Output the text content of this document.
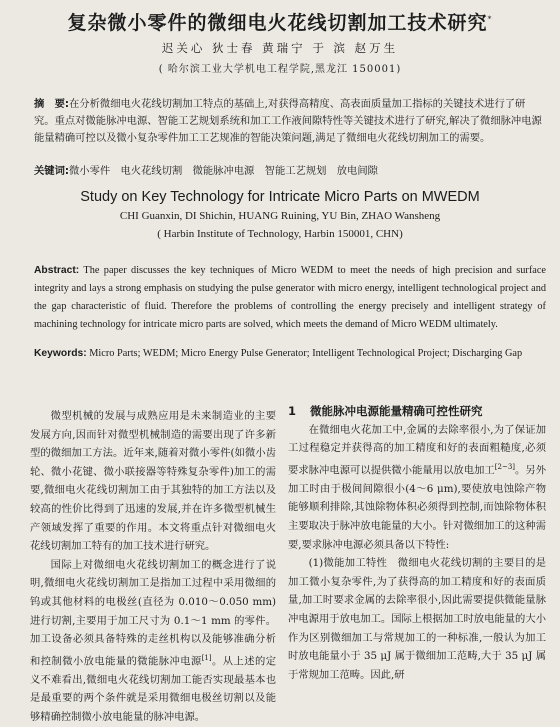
复杂微小零件的微细电火花线切割加工技术研究*
迟关心 狄士春 黄瑞宁 于 滨 赵万生
( 哈尔滨工业大学机电工程学院,黑龙江 150001)
摘　要:在分析微细电火花线切割加工特点的基础上,对获得高精度、高表面质量加工指标的关键技术进行了研究。重点对微能脉冲电源、智能工艺规划系统和加工工作液间隙特性等关键技术进行了研究,解决了微细脉冲电源能量精确可控以及微小复杂零件加工工艺规准的智能决策问题,满足了微细电火花线切割加工的需要。
关键词:微小零件　电火花线切割　微能脉冲电源　智能工艺规划　放电间隙
Study on Key Technology for Intricate Micro Parts on MWEDM
CHI Guanxin, DI Shichin, HUANG Ruining, YU Bin, ZHAO Wansheng
( Harbin Institute of Technology, Harbin 150001, CHN)
Abstract: The paper discusses the key techniques of Micro WEDM to meet the needs of high precision and surface integrity and lays a strong emphasis on studying the pulse generator with micro energy, intelligent technological project and the gap characteristic of fluid. Therefore the problems of controlling the energy precisely and intelligent strategy of machining technology for intricate micro parts are solved, which meets the demand of Micro WEDM ultimately.
Keywords: Micro Parts; WEDM; Micro Energy Pulse Generator; Intelligent Technological Project; Discharging Gap

微型机械的发展与成熟应用是未来制造业的主要发展方向,因而针对微型机械制造的需要出现了许多新型的微细加工方法。近年来,随着对微小零件(如微小齿轮、微小花键、微小联接器等特殊复杂零件)加工的需要,微细电火花线切割加工由于其独特的加工方法以及较高的性价比得到了迅速的发展,并在许多微型机械生产领域发挥了重要的作用。本文将重点针对微细电火花线切割加工特有的加工技术进行研究。

国际上对微细电火花线切割加工的概念进行了说明,微细电火花线切割加工是指加工过程中采用微细的钨或其他材料的电极丝(直径为 0.010～0.050 mm)进行切割,主要用于加工尺寸为 0.1～1 mm 的零件。加工设备必须具备特殊的走丝机构以及能够准确分析和控制微小放电能量的微能脉冲电源[1]。从上述的定义不难看出,微细电火花线切割加工能否实现最基本也是最重要的两个条件就是采用微细电极丝切割以及能够精确控制微小放电能量的脉冲电源。

1 微能脉冲电源能量精确可控性研究

在微细电火花加工中,金属的去除率很小,为了保证加工过程稳定并获得高的加工精度和好的表面粗糙度,必须要求脉冲电源可以提供微小能量用以放电加工[2~3]。另外加工时由于极间间隙很小(4～6 μm),要使放电蚀除产物能够顺利排除,其蚀除物体积必须得到控制,而蚀除物体积主要取决于脉冲放电能量的大小。针对微细加工的这种需要,要求脉冲电源必须具备以下特性:

(1)微能加工特性　微细电火花线切割的主要目的是加工微小复杂零件,为了获得高的加工精度和好的表面质量,加工时要求金属的去除率很小,因此需要提供微能量脉冲电源用于放电加工。国际上根据加工时放电能量的大小作为区别微细加工与常规加工的一种标准,一般认为加工时放电能量小于 35 μJ 属于微细加工范畴,大于 35 μJ 属于常规加工范畴。因此,研
